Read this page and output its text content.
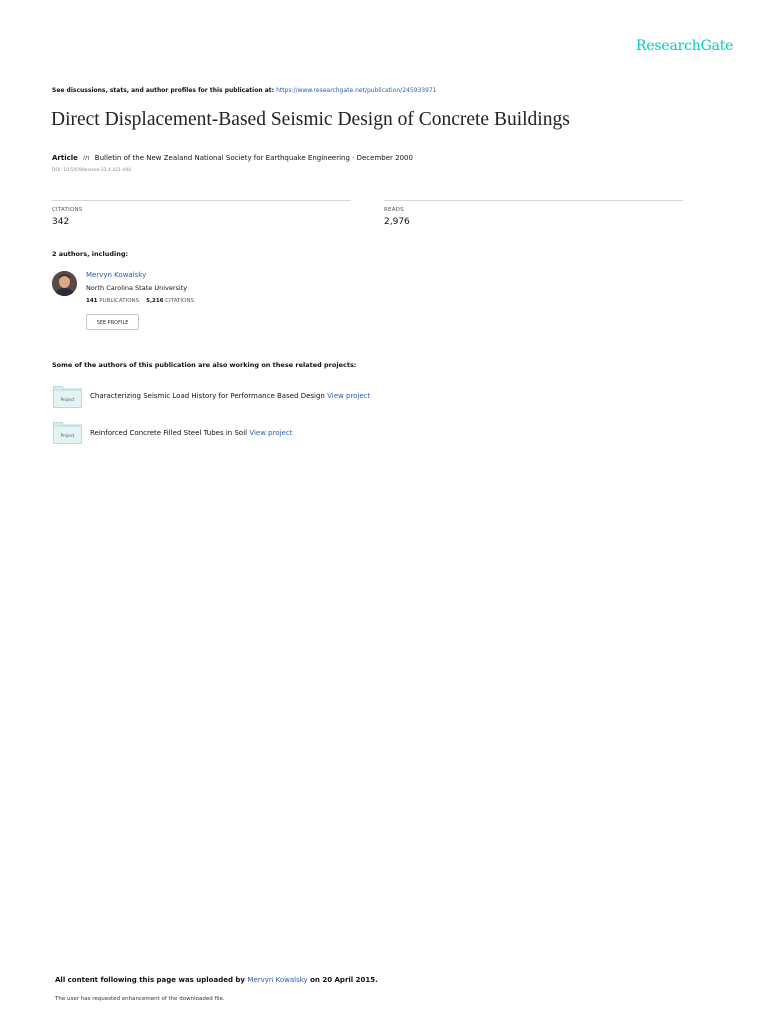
ResearchGate
See discussions, stats, and author profiles for this publication at: https://www.researchgate.net/publication/245933971
Direct Displacement-Based Seismic Design of Concrete Buildings
Article in Bulletin of the New Zealand National Society for Earthquake Engineering · December 2000
DOI: 10.5459/bnzsee.33.4.421-444
CITATIONS
342
READS
2,976
2 authors, including:
Mervyn Kowalsky
North Carolina State University
141 PUBLICATIONS 5,216 CITATIONS
SEE PROFILE
Some of the authors of this publication are also working on these related projects:
Project Characterizing Seismic Load History for Performance Based Design View project
Project Reinforced Concrete Filled Steel Tubes in Soil View project
All content following this page was uploaded by Mervyn Kowalsky on 20 April 2015.
The user has requested enhancement of the downloaded file.
